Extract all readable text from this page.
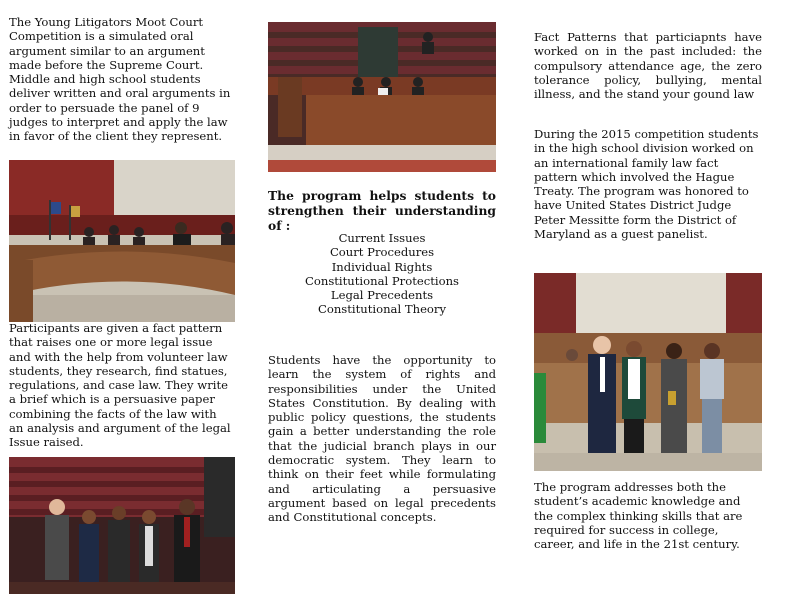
The Young Litigators Moot Court Competition is a simulated oral argument similar to an argument made before the Supreme Court. Middle and high school students deliver written and oral arguments in order to persuade the panel of 9 judges to interpret and apply the law in favor of the client they represent.

Participants are given a fact pattern that raises one or more legal issue and with the help from volunteer law students, they research, find statues, regulations, and case law. They write a brief which is a persuasive paper combining the facts of the law with an analysis and argument of the legal Issue raised.

The program helps students to strengthen their understanding of :
Current Issues
Court Procedures
Individual Rights
Constitutional Protections
Legal Precedents
Constitutional Theory

Students have the opportunity to learn the system of rights and responsibilities under the United States Constitution. By dealing with public policy questions, the students gain a better understanding the role that the judicial branch plays in our democratic system. They learn to think on their feet while formulating and articulating a persuasive argument based on legal precedents and Constitutional concepts.

Fact Patterns that particiapnts have worked on in the past included: the compulsory attendance age, the zero tolerance policy, bullying, mental illness, and the stand your gound law

During the 2015 competition students in the high school division worked on an international family law fact pattern which involved the Hague Treaty. The program was honored to have United States District Judge Peter Messitte form the District of Maryland as a guest panelist.

The program addresses both the student’s academic knowledge and the complex thinking skills that are required for success in college, career, and life in the 21st century.
